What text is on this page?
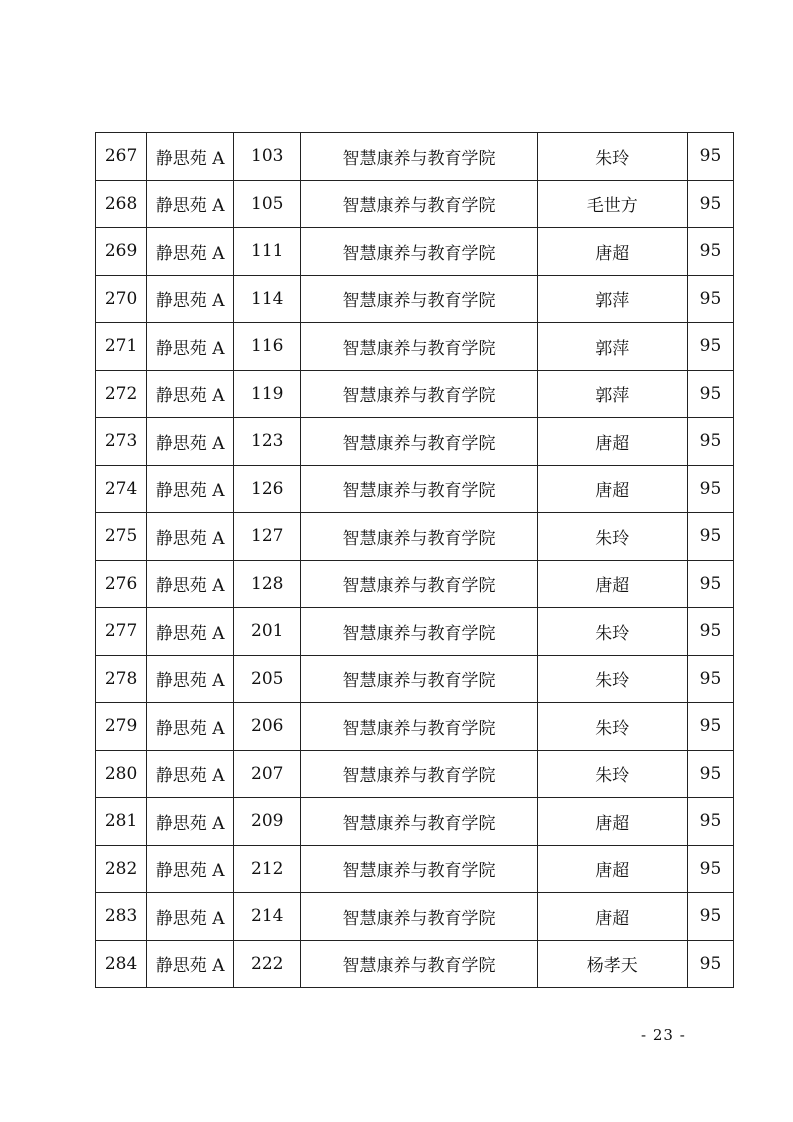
267	静思苑 A	103	智慧康养与教育学院	朱玲	95
268	静思苑 A	105	智慧康养与教育学院	毛世方	95
269	静思苑 A	111	智慧康养与教育学院	唐超	95
270	静思苑 A	114	智慧康养与教育学院	郭萍	95
271	静思苑 A	116	智慧康养与教育学院	郭萍	95
272	静思苑 A	119	智慧康养与教育学院	郭萍	95
273	静思苑 A	123	智慧康养与教育学院	唐超	95
274	静思苑 A	126	智慧康养与教育学院	唐超	95
275	静思苑 A	127	智慧康养与教育学院	朱玲	95
276	静思苑 A	128	智慧康养与教育学院	唐超	95
277	静思苑 A	201	智慧康养与教育学院	朱玲	95
278	静思苑 A	205	智慧康养与教育学院	朱玲	95
279	静思苑 A	206	智慧康养与教育学院	朱玲	95
280	静思苑 A	207	智慧康养与教育学院	朱玲	95
281	静思苑 A	209	智慧康养与教育学院	唐超	95
282	静思苑 A	212	智慧康养与教育学院	唐超	95
283	静思苑 A	214	智慧康养与教育学院	唐超	95
284	静思苑 A	222	智慧康养与教育学院	杨孝天	95
- 23 -
